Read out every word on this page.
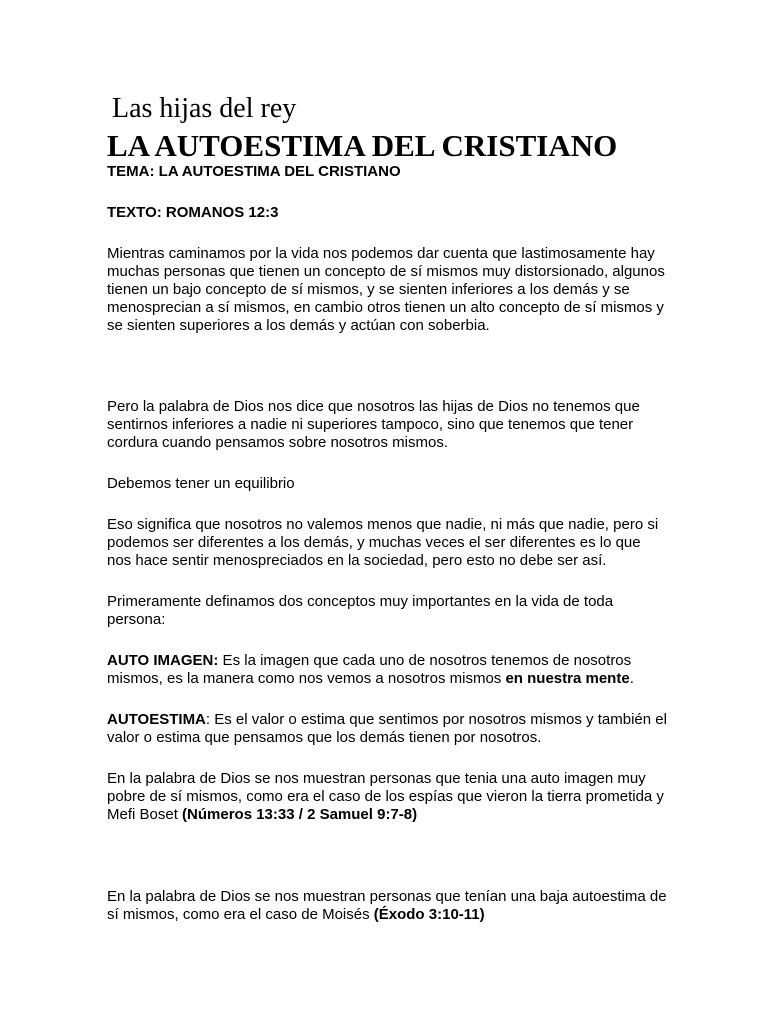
Las hijas del rey
LA AUTOESTIMA DEL CRISTIANO

TEMA: LA AUTOESTIMA DEL CRISTIANO

TEXTO: ROMANOS 12:3

Mientras caminamos por la vida nos podemos dar cuenta que lastimosamente hay muchas personas que tienen un concepto de sí mismos muy distorsionado, algunos tienen un bajo concepto de sí mismos, y se sienten inferiores a los demás y se menosprecian a sí mismos, en cambio otros tienen un alto concepto de sí mismos y se sienten superiores a los demás y actúan con soberbia.

Pero la palabra de Dios nos dice que nosotros las hijas de Dios no tenemos que sentirnos inferiores a nadie ni superiores tampoco, sino que tenemos que tener cordura cuando pensamos sobre nosotros mismos.

Debemos tener un equilibrio

Eso significa que nosotros no valemos menos que nadie, ni más que nadie, pero si podemos ser diferentes a los demás, y muchas veces el ser diferentes es lo que nos hace sentir menospreciados en la sociedad, pero esto no debe ser así.

Primeramente definamos dos conceptos muy importantes en la vida de toda persona:

AUTO IMAGEN: Es la imagen que cada uno de nosotros tenemos de nosotros mismos, es la manera como nos vemos a nosotros mismos en nuestra mente.

AUTOESTIMA: Es el valor o estima que sentimos por nosotros mismos y también el valor o estima que pensamos que los demás tienen por nosotros.

En la palabra de Dios se nos muestran personas que tenia una auto imagen muy pobre de sí mismos, como era el caso de los espías que vieron la tierra prometida y Mefi Boset (Números 13:33 / 2 Samuel 9:7-8)

En la palabra de Dios se nos muestran personas que tenían una baja autoestima de sí mismos, como era el caso de Moisés (Éxodo 3:10-11)
